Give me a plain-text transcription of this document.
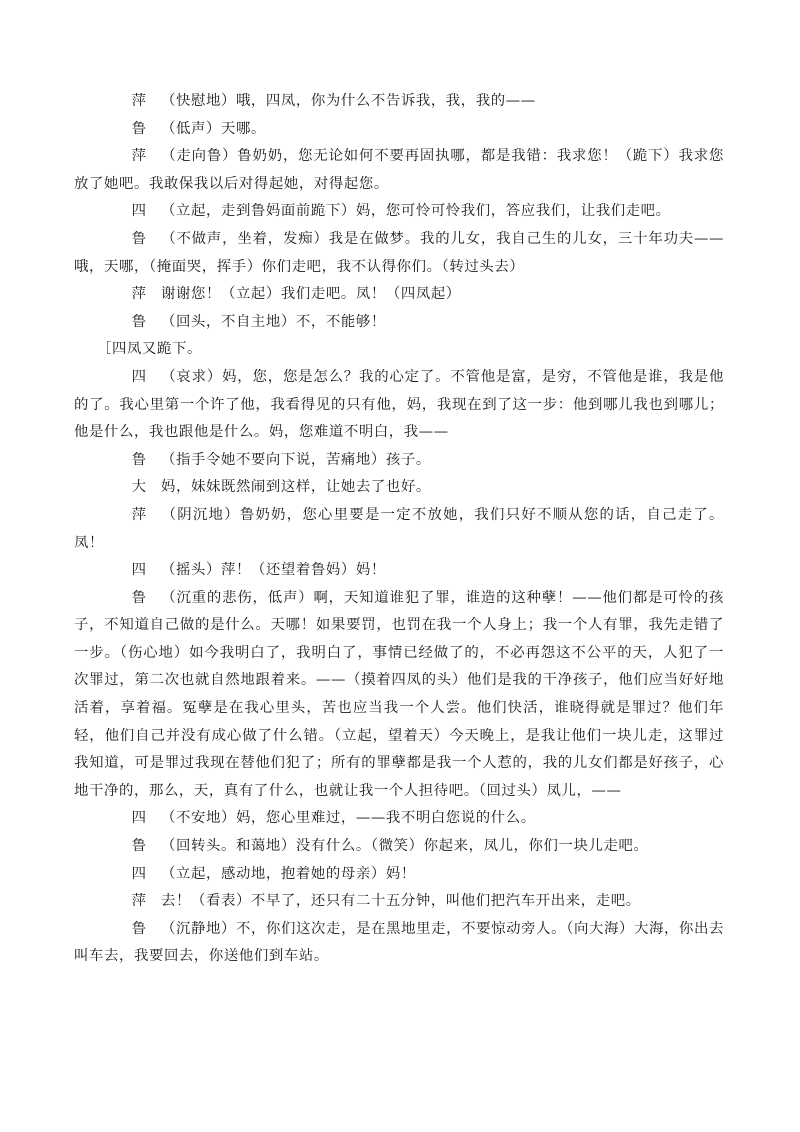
萍 （快慰地）哦，四凤，你为什么不告诉我，我，我的——

鲁 （低声）天哪。

萍 （走向鲁）鲁奶奶，您无论如何不要再固执哪，都是我错：我求您！（跪下）我求您放了她吧。我敢保我以后对得起她，对得起您。

四 （立起，走到鲁妈面前跪下）妈，您可怜可怜我们，答应我们，让我们走吧。

鲁 （不做声，坐着，发痴）我是在做梦。我的儿女，我自己生的儿女，三十年功夫——哦，天哪，（掩面哭，挥手）你们走吧，我不认得你们。（转过头去）

萍 谢谢您！（立起）我们走吧。凤！（四凤起）

鲁 （回头，不自主地）不，不能够！

［四凤又跪下。

四 （哀求）妈，您，您是怎么？我的心定了。不管他是富，是穷，不管他是谁，我是他的了。我心里第一个许了他，我看得见的只有他，妈，我现在到了这一步：他到哪儿我也到哪儿；他是什么，我也跟他是什么。妈，您难道不明白，我——

鲁 （指手令她不要向下说，苦痛地）孩子。

大 妈，妹妹既然闹到这样，让她去了也好。

萍 （阴沉地）鲁奶奶，您心里要是一定不放她，我们只好不顺从您的话，自己走了。凤！

四 （摇头）萍！（还望着鲁妈）妈！

鲁 （沉重的悲伤，低声）啊，天知道谁犯了罪，谁造的这种孽！——他们都是可怜的孩子，不知道自己做的是什么。天哪！如果要罚，也罚在我一个人身上；我一个人有罪，我先走错了一步。（伤心地）如今我明白了，我明白了，事情已经做了的，不必再怨这不公平的天，人犯了一次罪过，第二次也就自然地跟着来。——（摸着四凤的头）他们是我的干净孩子，他们应当好好地活着，享着福。冤孽是在我心里头，苦也应当我一个人尝。他们快活，谁晓得就是罪过？他们年轻，他们自己并没有成心做了什么错。（立起，望着天）今天晚上，是我让他们一块儿走，这罪过我知道，可是罪过我现在替他们犯了；所有的罪孽都是我一个人惹的，我的儿女们都是好孩子，心地干净的，那么，天，真有了什么，也就让我一个人担待吧。（回过头）凤儿，——

四 （不安地）妈，您心里难过，——我不明白您说的什么。

鲁 （回转头。和蔼地）没有什么。（微笑）你起来，凤儿，你们一块儿走吧。

四 （立起，感动地，抱着她的母亲）妈！

萍 去！（看表）不早了，还只有二十五分钟，叫他们把汽车开出来，走吧。

鲁 （沉静地）不，你们这次走，是在黑地里走，不要惊动旁人。（向大海）大海，你出去叫车去，我要回去，你送他们到车站。
